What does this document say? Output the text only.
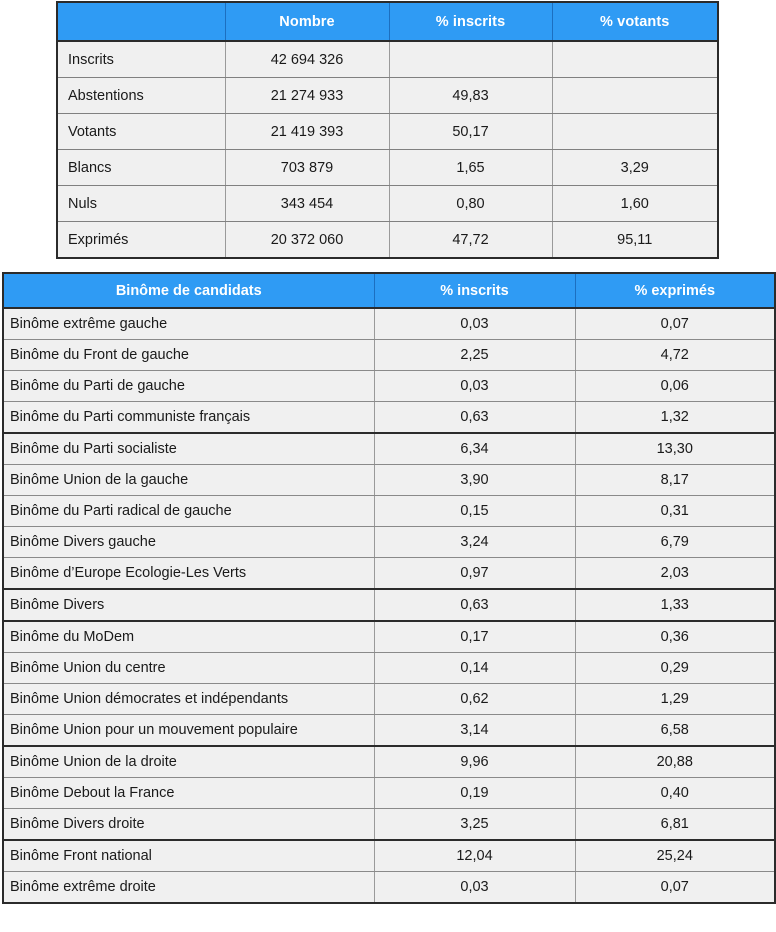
	Nombre	% inscrits	% votants
Inscrits	42 694 326		
Abstentions	21 274 933	49,83	
Votants	21 419 393	50,17	
Blancs	703 879	1,65	3,29
Nuls	343 454	0,80	1,60
Exprimés	20 372 060	47,72	95,11
Binôme de candidats	% inscrits	% exprimés
Binôme extrême gauche	0,03	0,07
Binôme du Front de gauche	2,25	4,72
Binôme du Parti de gauche	0,03	0,06
Binôme du Parti communiste français	0,63	1,32
Binôme du Parti socialiste	6,34	13,30
Binôme Union de la gauche	3,90	8,17
Binôme du Parti radical de gauche	0,15	0,31
Binôme Divers gauche	3,24	6,79
Binôme d’Europe Ecologie-Les Verts	0,97	2,03
Binôme Divers	0,63	1,33
Binôme du MoDem	0,17	0,36
Binôme Union du centre	0,14	0,29
Binôme Union démocrates et indépendants	0,62	1,29
Binôme Union pour un mouvement populaire	3,14	6,58
Binôme Union de la droite	9,96	20,88
Binôme Debout la France	0,19	0,40
Binôme Divers droite	3,25	6,81
Binôme Front national	12,04	25,24
Binôme extrême droite	0,03	0,07
